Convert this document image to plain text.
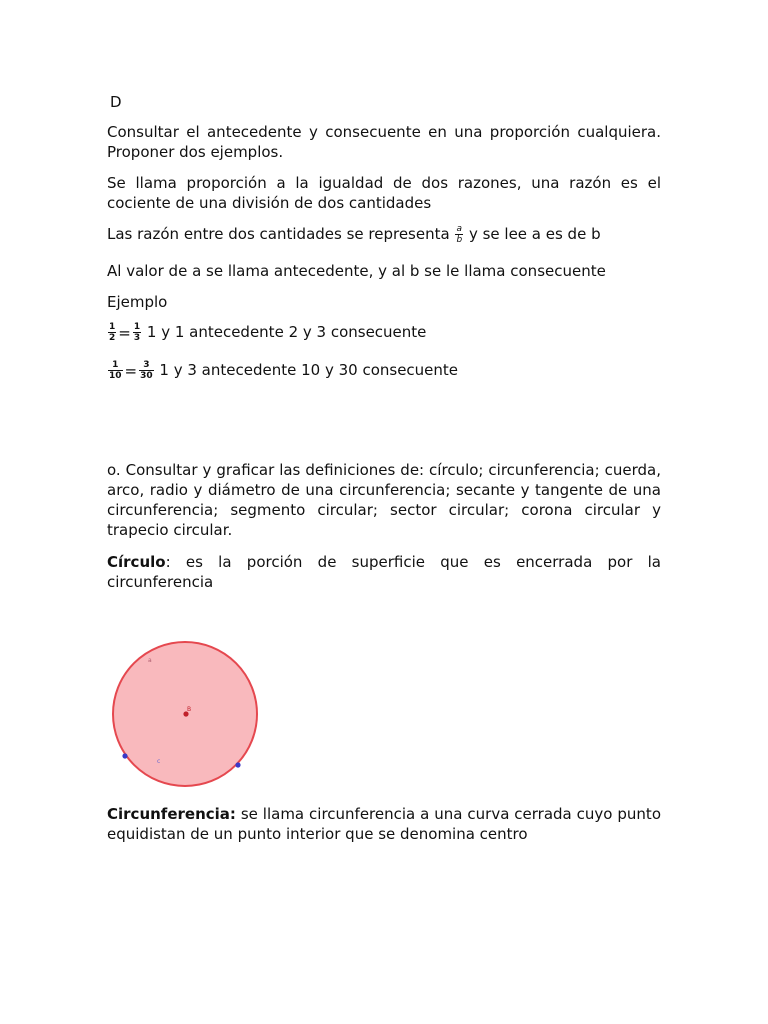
D

Consultar el antecedente y consecuente en una proporción cualquiera. Proponer dos ejemplos.

Se llama proporción a la igualdad de dos razones, una razón es el cociente de una división de dos cantidades

Las razón entre dos cantidades se representa $\frac{a}{b}$ y se lee a es de b

Al valor de a se llama antecedente, y al b se le llama consecuente

Ejemplo

$\frac{1}{2} = \frac{1}{3} 1$ y 1 antecedente 2 y 3 consecuente

$\frac{1}{10} = \frac{3}{30} 1$ y 3 antecedente 10 y 30 consecuente

o. Consultar y graficar las definiciones de: círculo; circunferencia; cuerda, arco, radio y diámetro de una circunferencia; secante y tangente de una circunferencia; segmento circular; sector circular; corona circular y trapecio circular.

Círculo: es la porción de superficie que es encerrada por la circunferencia

a
B
c

Circunferencia: se llama circunferencia a una curva cerrada cuyo punto equidistan de un punto interior que se denomina centro
